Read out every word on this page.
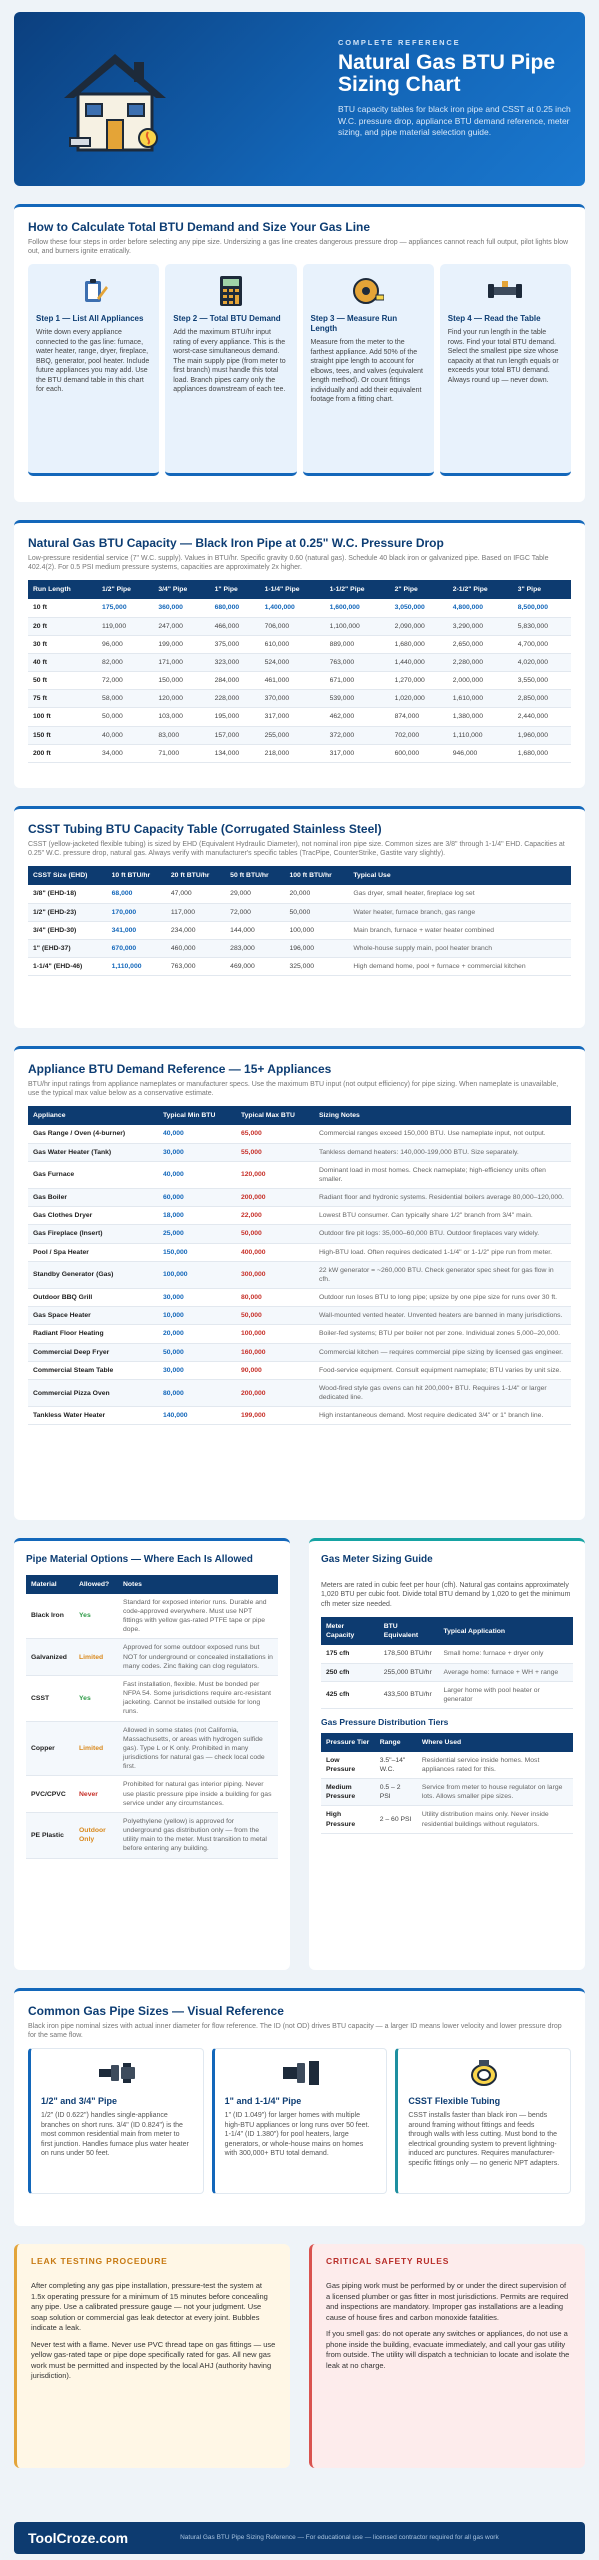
COMPLETE REFERENCE
Natural Gas BTU Pipe Sizing Chart
BTU capacity tables for black iron pipe and CSST at 0.25 inch W.C. pressure drop, appliance BTU demand reference, meter sizing, and pipe material selection guide.
How to Calculate Total BTU Demand and Size Your Gas Line
Follow these four steps in order before selecting any pipe size. Undersizing a gas line creates dangerous pressure drop — appliances cannot reach full output, pilot lights blow out, and burners ignite erratically.
Step 1 — List All Appliances

Write down every appliance connected to the gas line: furnace, water heater, range, dryer, fireplace, BBQ, generator, pool heater. Include future appliances you may add. Use the BTU demand table in this chart for each.

Step 2 — Total BTU Demand

Add the maximum BTU/hr input rating of every appliance. This is the worst-case simultaneous demand. The main supply pipe (from meter to first branch) must handle this total load. Branch pipes carry only the appliances downstream of each tee.

Step 3 — Measure Run Length

Measure from the meter to the farthest appliance. Add 50% of the straight pipe length to account for elbows, tees, and valves (equivalent length method). Or count fittings individually and add their equivalent footage from a fitting chart.

Step 4 — Read the Table

Find your run length in the table rows. Find your total BTU demand. Select the smallest pipe size whose capacity at that run length equals or exceeds your total BTU demand. Always round up — never down.

Natural Gas BTU Capacity — Black Iron Pipe at 0.25" W.C. Pressure Drop
Low-pressure residential service (7" W.C. supply). Values in BTU/hr. Specific gravity 0.60 (natural gas). Schedule 40 black iron or galvanized pipe. Based on IFGC Table 402.4(2). For 0.5 PSI medium pressure systems, capacities are approximately 2x higher.
Run Length	1/2" Pipe	3/4" Pipe	1" Pipe	1-1/4" Pipe	1-1/2" Pipe	2" Pipe	2-1/2" Pipe	3" Pipe
10 ft	175,000	360,000	680,000	1,400,000	1,600,000	3,050,000	4,800,000	8,500,000
20 ft	119,000	247,000	466,000	706,000	1,100,000	2,090,000	3,290,000	5,830,000
30 ft	96,000	199,000	375,000	610,000	889,000	1,680,000	2,650,000	4,700,000
40 ft	82,000	171,000	323,000	524,000	763,000	1,440,000	2,280,000	4,020,000
50 ft	72,000	150,000	284,000	461,000	671,000	1,270,000	2,000,000	3,550,000
75 ft	58,000	120,000	228,000	370,000	539,000	1,020,000	1,610,000	2,850,000
100 ft	50,000	103,000	195,000	317,000	462,000	874,000	1,380,000	2,440,000
150 ft	40,000	83,000	157,000	255,000	372,000	702,000	1,110,000	1,960,000
200 ft	34,000	71,000	134,000	218,000	317,000	600,000	946,000	1,680,000
CSST Tubing BTU Capacity Table (Corrugated Stainless Steel)
CSST (yellow-jacketed flexible tubing) is sized by EHD (Equivalent Hydraulic Diameter), not nominal iron pipe size. Common sizes are 3/8" through 1-1/4" EHD. Capacities at 0.25" W.C. pressure drop, natural gas. Always verify with manufacturer's specific tables (TracPipe, CounterStrike, Gastite vary slightly).
CSST Size (EHD)	10 ft BTU/hr	20 ft BTU/hr	50 ft BTU/hr	100 ft BTU/hr	Typical Use
3/8" (EHD-18)	68,000	47,000	29,000	20,000	Gas dryer, small heater, fireplace log set
1/2" (EHD-23)	170,000	117,000	72,000	50,000	Water heater, furnace branch, gas range
3/4" (EHD-30)	341,000	234,000	144,000	100,000	Main branch, furnace + water heater combined
1" (EHD-37)	670,000	460,000	283,000	196,000	Whole-house supply main, pool heater branch
1-1/4" (EHD-46)	1,110,000	763,000	469,000	325,000	High demand home, pool + furnace + commercial kitchen
Appliance BTU Demand Reference — 15+ Appliances
BTU/hr input ratings from appliance nameplates or manufacturer specs. Use the maximum BTU input (not output efficiency) for pipe sizing. When nameplate is unavailable, use the typical max value below as a conservative estimate.
Appliance	Typical Min BTU	Typical Max BTU	Sizing Notes
Gas Range / Oven (4-burner)	40,000	65,000	Commercial ranges exceed 150,000 BTU. Use nameplate input, not output.
Gas Water Heater (Tank)	30,000	55,000	Tankless demand heaters: 140,000-199,000 BTU. Size separately.
Gas Furnace	40,000	120,000	Dominant load in most homes. Check nameplate; high-efficiency units often smaller.
Gas Boiler	60,000	200,000	Radiant floor and hydronic systems. Residential boilers average 80,000–120,000.
Gas Clothes Dryer	18,000	22,000	Lowest BTU consumer. Can typically share 1/2" branch from 3/4" main.
Gas Fireplace (Insert)	25,000	50,000	Outdoor fire pit logs: 35,000–60,000 BTU. Outdoor fireplaces vary widely.
Pool / Spa Heater	150,000	400,000	High-BTU load. Often requires dedicated 1-1/4" or 1-1/2" pipe run from meter.
Standby Generator (Gas)	100,000	300,000	22 kW generator = ~260,000 BTU. Check generator spec sheet for gas flow in cfh.
Outdoor BBQ Grill	30,000	80,000	Outdoor run loses BTU to long pipe; upsize by one pipe size for runs over 30 ft.
Gas Space Heater	10,000	50,000	Wall-mounted vented heater. Unvented heaters are banned in many jurisdictions.
Radiant Floor Heating	20,000	100,000	Boiler-fed systems; BTU per boiler not per zone. Individual zones 5,000–20,000.
Commercial Deep Fryer	50,000	160,000	Commercial kitchen — requires commercial pipe sizing by licensed gas engineer.
Commercial Steam Table	30,000	90,000	Food-service equipment. Consult equipment nameplate; BTU varies by unit size.
Commercial Pizza Oven	80,000	200,000	Wood-fired style gas ovens can hit 200,000+ BTU. Requires 1-1/4" or larger dedicated line.
Tankless Water Heater	140,000	199,000	High instantaneous demand. Most require dedicated 3/4" or 1" branch line.
Pipe Material Options — Where Each Is Allowed
Material	Allowed?	Notes
Black Iron	Yes	Standard for exposed interior runs. Durable and code-approved everywhere. Must use NPT fittings with yellow gas-rated PTFE tape or pipe dope.
Galvanized	Limited	Approved for some outdoor exposed runs but NOT for underground or concealed installations in many codes. Zinc flaking can clog regulators.
CSST	Yes	Fast installation, flexible. Must be bonded per NFPA 54. Some jurisdictions require arc-resistant jacketing. Cannot be installed outside for long runs.
Copper	Limited	Allowed in some states (not California, Massachusetts, or areas with hydrogen sulfide gas). Type L or K only. Prohibited in many jurisdictions for natural gas — check local code first.
PVC/CPVC	Never	Prohibited for natural gas interior piping. Never use plastic pressure pipe inside a building for gas service under any circumstances.
PE Plastic	Outdoor Only	Polyethylene (yellow) is approved for underground gas distribution only — from the utility main to the meter. Must transition to metal before entering any building.
Gas Meter Sizing Guide

Meters are rated in cubic feet per hour (cfh). Natural gas contains approximately 1,020 BTU per cubic foot. Divide total BTU demand by 1,020 to get the minimum cfh meter size needed.

Meter Capacity	BTU Equivalent	Typical Application
175 cfh	178,500 BTU/hr	Small home: furnace + dryer only
250 cfh	255,000 BTU/hr	Average home: furnace + WH + range
425 cfh	433,500 BTU/hr	Larger home with pool heater or generator
Gas Pressure Distribution Tiers
Pressure Tier	Range	Where Used
Low Pressure	3.5"–14" W.C.	Residential service inside homes. Most appliances rated for this.
Medium Pressure	0.5 – 2 PSI	Service from meter to house regulator on large lots. Allows smaller pipe sizes.
High Pressure	2 – 60 PSI	Utility distribution mains only. Never inside residential buildings without regulators.
Common Gas Pipe Sizes — Visual Reference
Black iron pipe nominal sizes with actual inner diameter for flow reference. The ID (not OD) drives BTU capacity — a larger ID means lower velocity and lower pressure drop for the same flow.
1/2" and 3/4" Pipe

1/2" (ID 0.622") handles single-appliance branches on short runs. 3/4" (ID 0.824") is the most common residential main from meter to first junction. Handles furnace plus water heater on runs under 50 feet.

1" and 1-1/4" Pipe

1" (ID 1.049") for larger homes with multiple high-BTU appliances or long runs over 50 feet. 1-1/4" (ID 1.380") for pool heaters, large generators, or whole-house mains on homes with 300,000+ BTU total demand.

CSST Flexible Tubing

CSST installs faster than black iron — bends around framing without fittings and feeds through walls with less cutting. Must bond to the electrical grounding system to prevent lightning-induced arc punctures. Requires manufacturer-specific fittings only — no generic NPT adapters.

LEAK TESTING PROCEDURE

After completing any gas pipe installation, pressure-test the system at 1.5x operating pressure for a minimum of 15 minutes before concealing any pipe. Use a calibrated pressure gauge — not your judgment. Use soap solution or commercial gas leak detector at every joint. Bubbles indicate a leak.

Never test with a flame. Never use PVC thread tape on gas fittings — use yellow gas-rated tape or pipe dope specifically rated for gas. All new gas work must be permitted and inspected by the local AHJ (authority having jurisdiction).

CRITICAL SAFETY RULES

Gas piping work must be performed by or under the direct supervision of a licensed plumber or gas fitter in most jurisdictions. Permits are required and inspections are mandatory. Improper gas installations are a leading cause of house fires and carbon monoxide fatalities.

If you smell gas: do not operate any switches or appliances, do not use a phone inside the building, evacuate immediately, and call your gas utility from outside. The utility will dispatch a technician to locate and isolate the leak at no charge.

ToolCroze.com	Natural Gas BTU Pipe Sizing Reference — For educational use — licensed contractor required for all gas work
